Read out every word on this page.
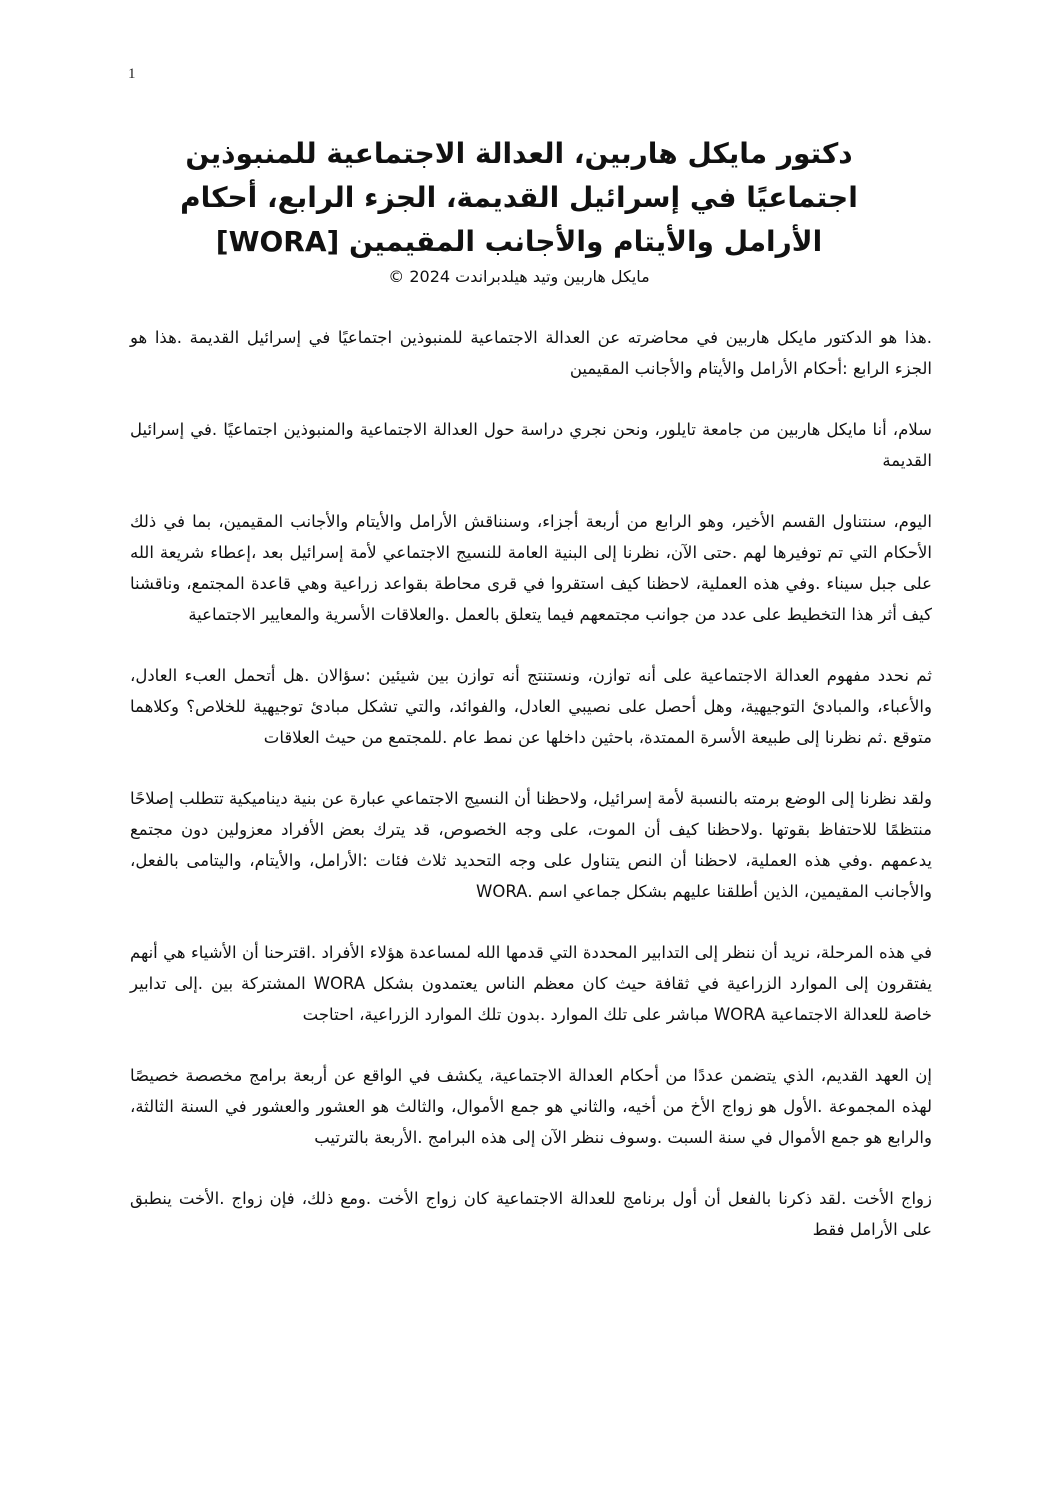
1
دكتور مايكل هاربين، العدالة الاجتماعية للمنبوذين اجتماعيًا في إسرائيل القديمة، الجزء الرابع، أحكام الأرامل والأيتام والأجانب المقيمين [WORA]

مايكل هاربين وتيد هيلدبراندت 2024 ©

.هذا هو الدكتور مايكل هاربين في محاضرته عن العدالة الاجتماعية للمنبوذين اجتماعيًا في إسرائيل القديمة .هذا هو الجزء الرابع :أحكام الأرامل والأيتام والأجانب المقيمين

سلام، أنا مايكل هاربين من جامعة تايلور، ونحن نجري دراسة حول العدالة الاجتماعية والمنبوذين اجتماعيًا .في إسرائيل القديمة

اليوم، سنتناول القسم الأخير، وهو الرابع من أربعة أجزاء، وسنناقش الأرامل والأيتام والأجانب المقيمين، بما في ذلك الأحكام التي تم توفيرها لهم .حتى الآن، نظرنا إلى البنية العامة للنسيج الاجتماعي لأمة إسرائيل بعد ،إعطاء شريعة الله على جبل سيناء .وفي هذه العملية، لاحظنا كيف استقروا في قرى محاطة بقواعد زراعية وهي قاعدة المجتمع، وناقشنا كيف أثر هذا التخطيط على عدد من جوانب مجتمعهم فيما يتعلق بالعمل .والعلاقات الأسرية والمعايير الاجتماعية

ثم نحدد مفهوم العدالة الاجتماعية على أنه توازن، ونستنتج أنه توازن بين شيئين :سؤالان .هل أتحمل العبء العادل، والأعباء، والمبادئ التوجيهية، وهل أحصل على نصيبي العادل، والفوائد، والتي تشكل مبادئ توجيهية للخلاص؟ وكلاهما متوقع .ثم نظرنا إلى طبيعة الأسرة الممتدة، باحثين داخلها عن نمط عام .للمجتمع من حيث العلاقات

ولقد نظرنا إلى الوضع برمته بالنسبة لأمة إسرائيل، ولاحظنا أن النسيج الاجتماعي عبارة عن بنية ديناميكية تتطلب إصلاحًا منتظمًا للاحتفاظ بقوتها .ولاحظنا كيف أن الموت، على وجه الخصوص، قد يترك بعض الأفراد معزولين دون مجتمع يدعمهم .وفي هذه العملية، لاحظنا أن النص يتناول على وجه التحديد ثلاث فئات :الأرامل، والأيتام، واليتامى بالفعل، والأجانب المقيمين، الذين أطلقنا عليهم بشكل جماعي اسم .WORA

في هذه المرحلة، نريد أن ننظر إلى التدابير المحددة التي قدمها الله لمساعدة هؤلاء الأفراد .اقترحنا أن الأشياء هي أنهم يفتقرون إلى الموارد الزراعية في ثقافة حيث كان معظم الناس يعتمدون بشكل WORA المشتركة بين .إلى تدابير خاصة للعدالة الاجتماعية WORA مباشر على تلك الموارد .بدون تلك الموارد الزراعية، احتاجت

إن العهد القديم، الذي يتضمن عددًا من أحكام العدالة الاجتماعية، يكشف في الواقع عن أربعة برامج مخصصة خصيصًا لهذه المجموعة .الأول هو زواج الأخ من أخيه، والثاني هو جمع الأموال، والثالث هو العشور والعشور في السنة الثالثة، والرابع هو جمع الأموال في سنة السبت .وسوف ننظر الآن إلى هذه البرامج .الأربعة بالترتيب

زواج الأخت .لقد ذكرنا بالفعل أن أول برنامج للعدالة الاجتماعية كان زواج الأخت .ومع ذلك، فإن زواج .الأخت ينطبق على الأرامل فقط
